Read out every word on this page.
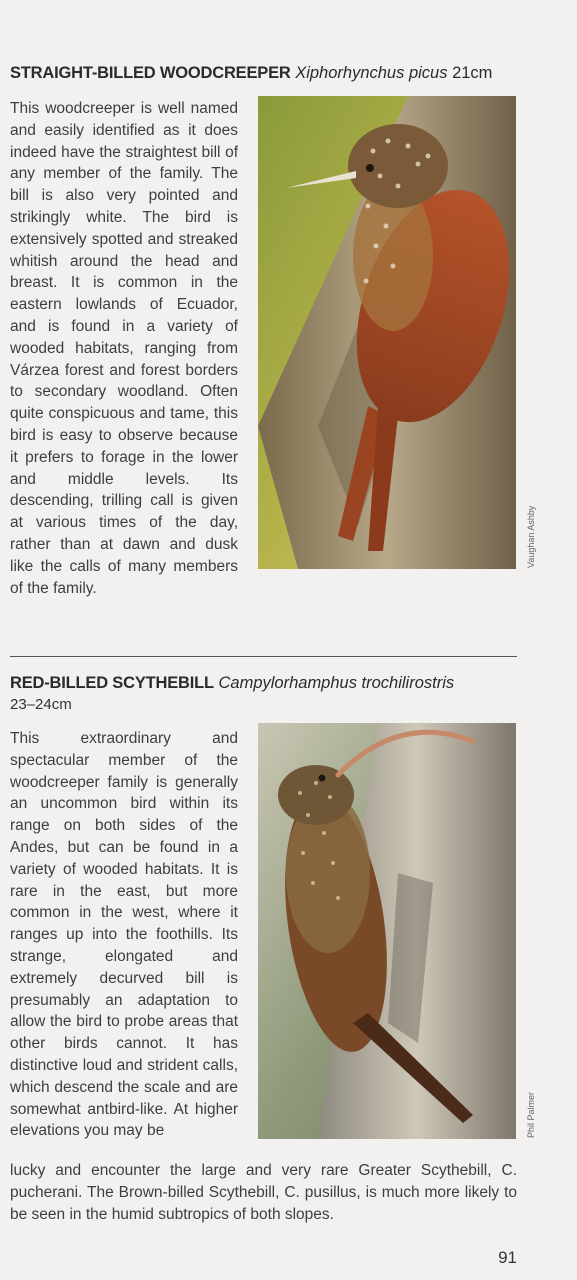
STRAIGHT-BILLED WOODCREEPER Xiphorhynchus picus 21cm
This woodcreeper is well named and easily identified as it does indeed have the straightest bill of any member of the family. The bill is also very pointed and strikingly white. The bird is extensively spotted and streaked whitish around the head and breast. It is common in the eastern lowlands of Ecuador, and is found in a variety of wooded habitats, ranging from Várzea forest and forest borders to secondary woodland. Often quite conspicuous and tame, this bird is easy to observe because it prefers to forage in the lower and middle levels. Its descending, trilling call is given at various times of the day, rather than at dawn and dusk like the calls of many members of the family.
Vaughan Ashby
RED-BILLED SCYTHEBILL Campylorhamphus trochilirostris
23–24cm
This extraordinary and spectacular member of the woodcreeper family is generally an uncommon bird within its range on both sides of the Andes, but can be found in a variety of wooded habitats. It is rare in the east, but more common in the west, where it ranges up into the foothills. Its strange, elongated and extremely decurved bill is presumably an adaptation to allow the bird to probe areas that other birds cannot. It has distinctive loud and strident calls, which descend the scale and are somewhat antbird-like. At higher elevations you may be	Phil Palmer
lucky and encounter the large and very rare Greater Scythebill, C. pucherani. The Brown-billed Scythebill, C. pusillus, is much more likely to be seen in the humid subtropics of both slopes.
91
